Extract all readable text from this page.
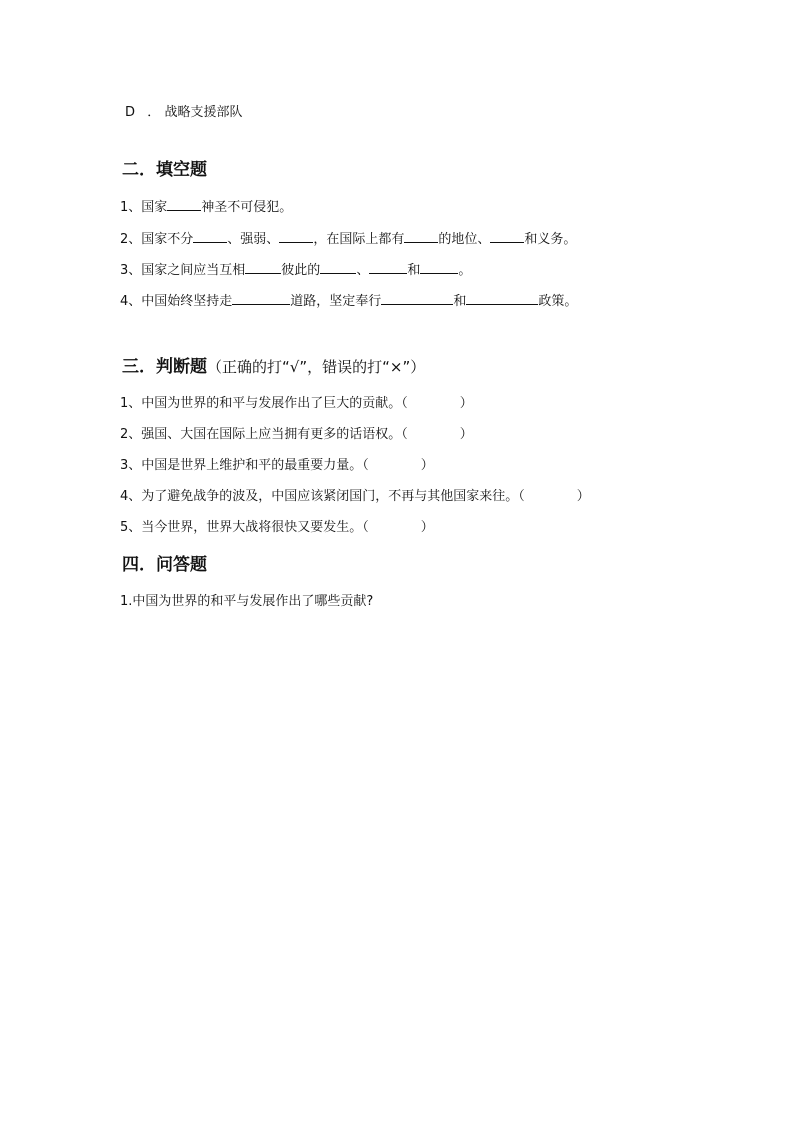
D ． 战略支援部队
二．填空题
1、国家	神圣不可侵犯。
2、国家不分	、强弱、	，在国际上都有	的地位、	和义务。
3、国家之间应当互相	彼此的	、	和	。
4、中国始终坚持走	道路，坚定奉行	和	政策。
三．判断题（正确的打“√”，错误的打“×”）
1、中国为世界的和平与发展作出了巨大的贡献。（	）
2、强国、大国在国际上应当拥有更多的话语权。（	）
3、中国是世界上维护和平的最重要力量。（	）
4、为了避免战争的波及，中国应该紧闭国门，不再与其他国家来往。（	）
5、当今世界，世界大战将很快又要发生。（	）
四．问答题
1.中国为世界的和平与发展作出了哪些贡献?
